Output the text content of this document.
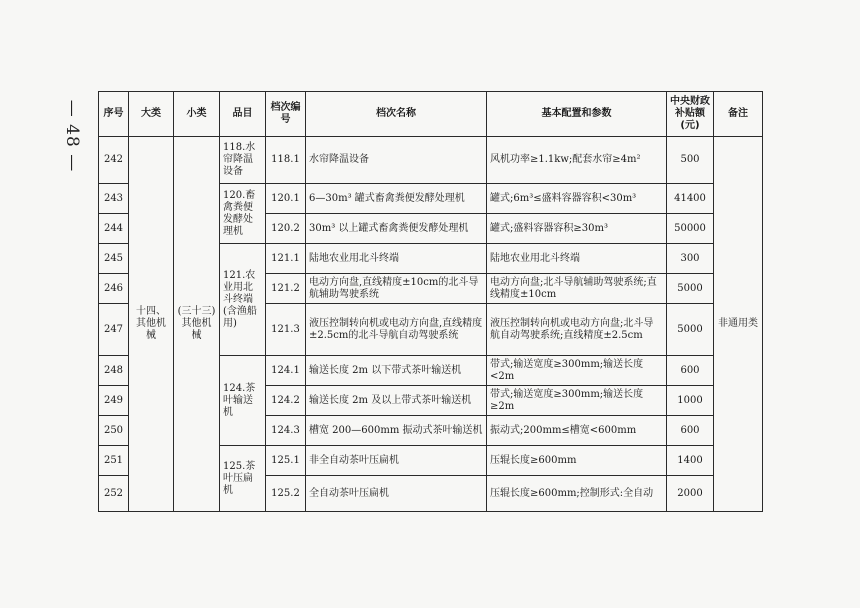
— 48 — 序号	大类	小类	品目	档次编号	档次名称	基本配置和参数	中央财政补贴额(元)	备注
242	十四、其他机械	(三十三)其他机械	118.水帘降温设备	118.1	水帘降温设备	风机功率≥1.1kw;配套水帘≥4m²	500	非通用类
243			120.畜禽粪便发酵处理机	120.1	6—30m³ 罐式畜禽粪便发酵处理机	罐式;6m³≤盛料容器容积<30m³	41400	
244				120.2	30m³ 以上罐式畜禽粪便发酵处理机	罐式;盛料容器容积≥30m³	50000	
245			121.农业用北斗终端(含渔船用)	121.1	陆地农业用北斗终端	陆地农业用北斗终端	300	
246				121.2	电动方向盘,直线精度±10cm的北斗导航辅助驾驶系统	电动方向盘;北斗导航辅助驾驶系统;直线精度±10cm	5000	
247				121.3	液压控制转向机或电动方向盘,直线精度±2.5cm的北斗导航自动驾驶系统	液压控制转向机或电动方向盘;北斗导航自动驾驶系统;直线精度±2.5cm	5000	
248			124.茶叶输送机	124.1	输送长度 2m 以下带式茶叶输送机	带式;输送宽度≥300mm;输送长度<2m	600	
249				124.2	输送长度 2m 及以上带式茶叶输送机	带式;输送宽度≥300mm;输送长度≥2m	1000	
250				124.3	槽宽 200—600mm 振动式茶叶输送机	振动式;200mm≤槽宽<600mm	600	
251			125.茶叶压扁机	125.1	非全自动茶叶压扁机	压辊长度≥600mm	1400	
252				125.2	全自动茶叶压扁机	压辊长度≥600mm;控制形式:全自动	2000	
